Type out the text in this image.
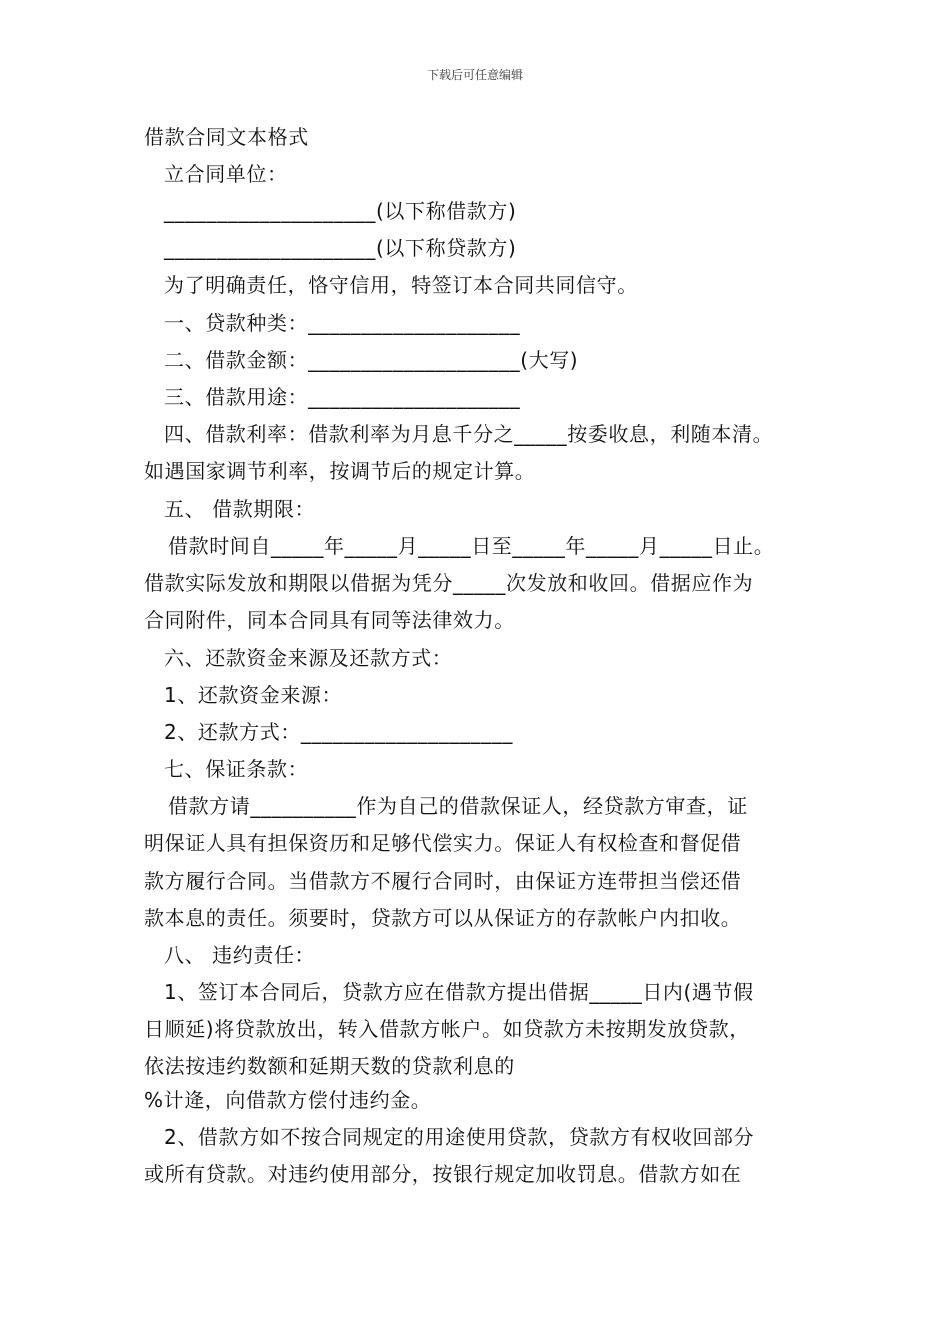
下载后可任意编辑
借款合同文本格式
立合同单位：
____________________(以下称借款方)
____________________(以下称贷款方)
为了明确责任，恪守信用，特签订本合同共同信守。
一、贷款种类：____________________
二、借款金额：____________________(大写)
三、借款用途：____________________
四、借款利率：借款利率为月息千分之_____按委收息，利随本清。
如遇国家调节利率，按调节后的规定计算。
五、 借款期限：
借款时间自_____年_____月_____日至_____年_____月_____日止。
借款实际发放和期限以借据为凭分_____次发放和收回。借据应作为
合同附件，同本合同具有同等法律效力。
六、还款资金来源及还款方式：
1、还款资金来源：
2、还款方式：____________________
七、保证条款：
借款方请__________作为自己的借款保证人，经贷款方审查，证
明保证人具有担保资历和足够代偿实力。保证人有权检查和督促借
款方履行合同。当借款方不履行合同时，由保证方连带担当偿还借
款本息的责任。须要时，贷款方可以从保证方的存款帐户内扣收。
八、 违约责任：
1、签订本合同后，贷款方应在借款方提出借据_____日内(遇节假
日顺延)将贷款放出，转入借款方帐户。如贷款方未按期发放贷款，
依法按违约数额和延期天数的贷款利息的
%计逄，向借款方偿付违约金。
2、借款方如不按合同规定的用途使用贷款，贷款方有权收回部分
或所有贷款。对违约使用部分，按银行规定加收罚息。借款方如在
